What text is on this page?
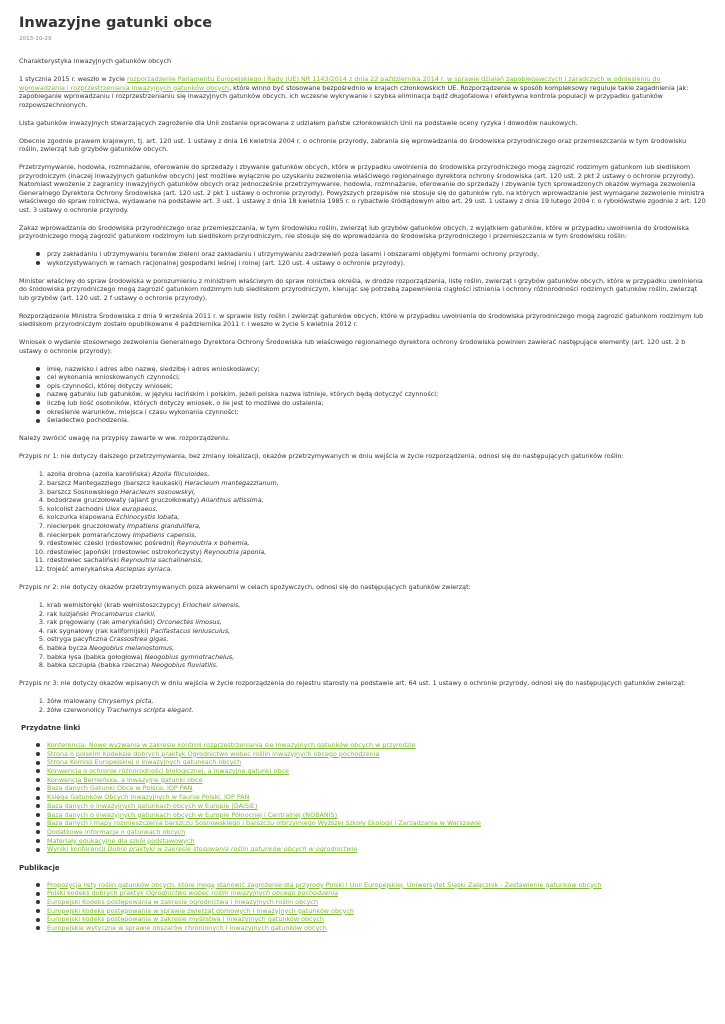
Inwazyjne gatunki obce
2013-10-29

Charakterystyka inwazyjnych gatunków obcych

1 stycznia 2015 r. weszło w życie rozporządzenie Parlamentu Europejskiego i Rady (UE) NR 1143/2014 z dnia 22 października 2014 r. w sprawie działań zapobiegawczych i zaradczych w odniesieniu do wprowadzania i rozprzestrzeniania inwazyjnych gatunków obcych, które winno być stosowane bezpośrednio w krajach członkowskich UE. Rozporządzenie w sposób kompleksowy reguluje takie zagadnienia jak: zapobieganie wprowadzaniu i rozprzestrzenianiu się inwazyjnych gatunków obcych, ich wczesne wykrywanie i szybka eliminacja bądź długofalowa i efektywna kontrola populacji w przypadku gatunków rozpowszechnionych.

Lista gatunków inwazyjnych stwarzających zagrożenie dla Unii zostanie opracowana z udziałem państw członkowskich Unii na podstawie oceny ryzyka i dowodów naukowych.

Obecnie zgodnie prawem krajowym, tj. art. 120 ust. 1 ustawy z dnia 16 kwietnia 2004 r. o ochronie przyrody, zabrania się wprowadzania do środowiska przyrodniczego oraz przemieszczania w tym środowisku roślin, zwierząt lub grzybów gatunków obcych.

Przetrzymywanie, hodowla, rozmnażanie, oferowanie do sprzedaży i zbywanie gatunków obcych, które w przypadku uwolnienia do środowiska przyrodniczego mogą zagrozić rodzimym gatunkom lub siedliskom przyrodniczym (inaczej inwazyjnych gatunków obcych) jest możliwe wyłącznie po uzyskaniu zezwolenia właściwego regionalnego dyrektora ochrony środowiska (art. 120 ust. 2 pkt 2 ustawy o ochronie przyrody). Natomiast wwożenie z zagranicy inwazyjnych gatunków obcych oraz jednocześnie przetrzymywanie, hodowla, rozmnażanie, oferowanie do sprzedaży i zbywanie tych sprowadzonych okazów wymaga zezwolenia Generalnego Dyrektora Ochrony Środowiska (art. 120 ust. 2 pkt 1 ustawy o ochronie przyrody). Powyższych przepisów nie stosuje się do gatunków ryb, na których wprowadzanie jest wymagane zezwolenie ministra właściwego do spraw rolnictwa, wydawane na podstawie art. 3 ust. 1 ustawy z dnia 18 kwietnia 1985 r. o rybactwie śródlądowym albo art. 29 ust. 1 ustawy z dnia 19 lutego 2004 r. o rybołówstwie zgodnie z art. 120 ust. 3 ustawy o ochronie przyrody.

Zakaz wprowadzania do środowiska przyrodniczego oraz przemieszczania, w tym środowisku roślin, zwierząt lub grzybów gatunków obcych, z wyjątkiem gatunków, które w przypadku uwolnienia do środowiska przyrodniczego mogą zagrozić gatunkom rodzimym lub siedliskom przyrodniczym, nie stosuje się do wprowadzania do środowiska przyrodniczego i przemieszczania w tym środowisku roślin:

przy zakładaniu i utrzymywaniu terenów zieleni oraz zakładaniu i utrzymywaniu zadrzewień poza lasami i obszarami objętymi formami ochrony przyrody,
wykorzystywanych w ramach racjonalnej gospodarki leśnej i rolnej (art. 120 ust. 4 ustawy o ochronie przyrody).

Minister właściwy do spraw środowiska w porozumieniu z ministrem właściwym do spraw rolnictwa określa, w drodze rozporządzenia, listę roślin, zwierząt i grzybów gatunków obcych, które w przypadku uwolnienia do środowiska przyrodniczego mogą zagrozić gatunkom rodzimym lub siedliskom przyrodniczym, kierując się potrzebą zapewnienia ciągłości istnienia i ochrony różnorodności rodzimych gatunków roślin, zwierząt lub grzybów (art. 120 ust. 2 f ustawy o ochronie przyrody).

Rozporządzenie Ministra Środowiska z dnia 9 września 2011 r. w sprawie listy roślin i zwierząt gatunków obcych, które w przypadku uwolnienia do środowiska przyrodniczego mogą zagrozić gatunkom rodzimym lub siedliskom przyrodniczym zostało opublikowane 4 października 2011 r. i weszło w życie 5 kwietnia 2012 r.

Wniosek o wydanie stosownego zezwolenia Generalnego Dyrektora Ochrony Środowiska lub właściwego regionalnego dyrektora ochrony środowiska powinien zawierać następujące elementy (art. 120 ust. 2 b ustawy o ochronie przyrody):

imię, nazwisko i adres albo nazwę, siedzibę i adres wnioskodawcy;
cel wykonania wnioskowanych czynności;
opis czynności, której dotyczy wniosek;
nazwę gatunku lub gatunków, w języku łacińskim i polskim, jeżeli polska nazwa istnieje, których będą dotyczyć czynności;
liczbę lub ilość osobników, których dotyczy wniosek, o ile jest to możliwe do ustalenia;
określenie warunków, miejsca i czasu wykonania czynności;
świadectwo pochodzenia.

Należy zwrócić uwagę na przypisy zawarte w ww. rozporządzeniu.

Przypis nr 1: nie dotyczy dalszego przetrzymywania, bez zmiany lokalizacji, okazów przetrzymywanych w dniu wejścia w życie rozporządzenia, odnosi się do następujących gatunków roślin:

1. azolla drobna (azolla karolińska) Azolla filiculoides,
2. barszcz Mantegazziego (barszcz kaukaski) Heracleum mantegazzianum,
3. barszcz Sosnowskiego Heracleum sosnowskyi,
4. bożodrzew gruczołowaty (ajlant gruczołkowaty) Ailanthus altissima,
5. kolcolist zachodni Ulex europaeus,
6. kolczurka klapowana Echinocystis lobata,
7. niecierpek gruczołowaty Impatiens glandulifera,
8. niecierpek pomarańczowy Impatiens capensis,
9. rdestowiec czeski (rdestowiec pośredni) Reynoutria x bohemia,
10. rdestowiec japoński (rdestowiec ostrokończysty) Reynoutria japonia,
11. rdestowiec sachaliński Reynoutria sachalinensis,
12. trojeść amerykańska Asclepias syriaca.

Przypis nr 2: nie dotyczy okazów przetrzymywanych poza akwenami w celach spożywczych, odnosi się do następujących gatunków zwierząt:

1. krab wełnistoręki (krab wełnistoszczypcy) Eriocheir sinensis,
2. rak luizjański Procambarus clarkii,
3. rak pręgowany (rak amerykański) Orconectes limosus,
4. rak sygnałowy (rak kalifornijski) Pacifastacus leniusculus,
5. ostryga pacyficzna Crassostrea gigas,
6. babka bycza Neogobius melanostomus,
7. babka łysa (babka gołogłowa) Neogobius gymnotrachelus,
8. babka szczupła (babka rzeczna) Neogobius fluviatilis.

Przypis nr 3: nie dotyczy okazów wpisanych w dniu wejścia w życie rozporządzenia do rejestru starosty na podstawie art. 64 ust. 1 ustawy o ochronie przyrody, odnosi się do następujących gatunków zwierząt:

1. żółw malowany Chrysemys picta,
2. żółw czerwonolicy Trachemys scripta elegant.
Przydatne linki
Konferencja: Nowe wyzwania w zakresie kontroli rozprzestrzeniania się inwazyjnych gatunków obcych w przyrodzie
Strona o polskim Kodeksie dobrych praktyk Ogrodnictwo wobec roślin inwazyjnych obcego pochodzenia
Strona Komisji Europejskiej o inwazyjnych gatunkach obcych
Konwencja o ochronie różnorodności biologicznej, a inwazyjne gatunki obce
Konwencja Berneńska, a inwazyjne gatunki obce
Baza danych Gatunki Obce w Polsce, IOP PAN
Księga Gatunków Obcych Inwazyjnych w Faunie Polski, IOP PAN
Baza danych o inwazyjnych gatunkach obcych w Europie (DAISIE)
Baza danych o inwazyjnych gatunkach obcych w Europie Północnej i Centralnej (NOBANIS)
Baza danych i mapy rozmieszczenia barszczu Sosnowskiego i barszczu olbrzymiego Wyższej Szkoły Ekologii i Zarządzania w Warszawie
Dodatkowe informacje o gatunkach obcych
Materiały edukacyjne dla szkół podstawowych
Wyniki konferencji Dobre praktyki w zakresie stosowania roślin gatunków obcych w ogrodnictwie
Publikacje
Propozycja listy roślin gatunków obcych, które mogą stanowić zagrożenie dla przyrody Polski i Unii Europejskiej, Uniwersytet Śląski Załącznik - Zestawienie gatunków obcych
Polski kodeks dobrych praktyk Ogrodnictwo wobec roślin inwazyjnych obcego pochodzenia
Europejski Kodeks postępowania w zakresie ogrodnictwa i inwazyjnych roślin obcych
Europejski kodeks postępowania w sprawie zwierząt domowych i inwazyjnych gatunków obcych
Europejski kodeks postępowania w zakresie myślistwa i inwazyjnych gatunków obcych
Europejskie wytyczne w sprawie obszarów chronionych i inwazyjnych gatunków obcych
